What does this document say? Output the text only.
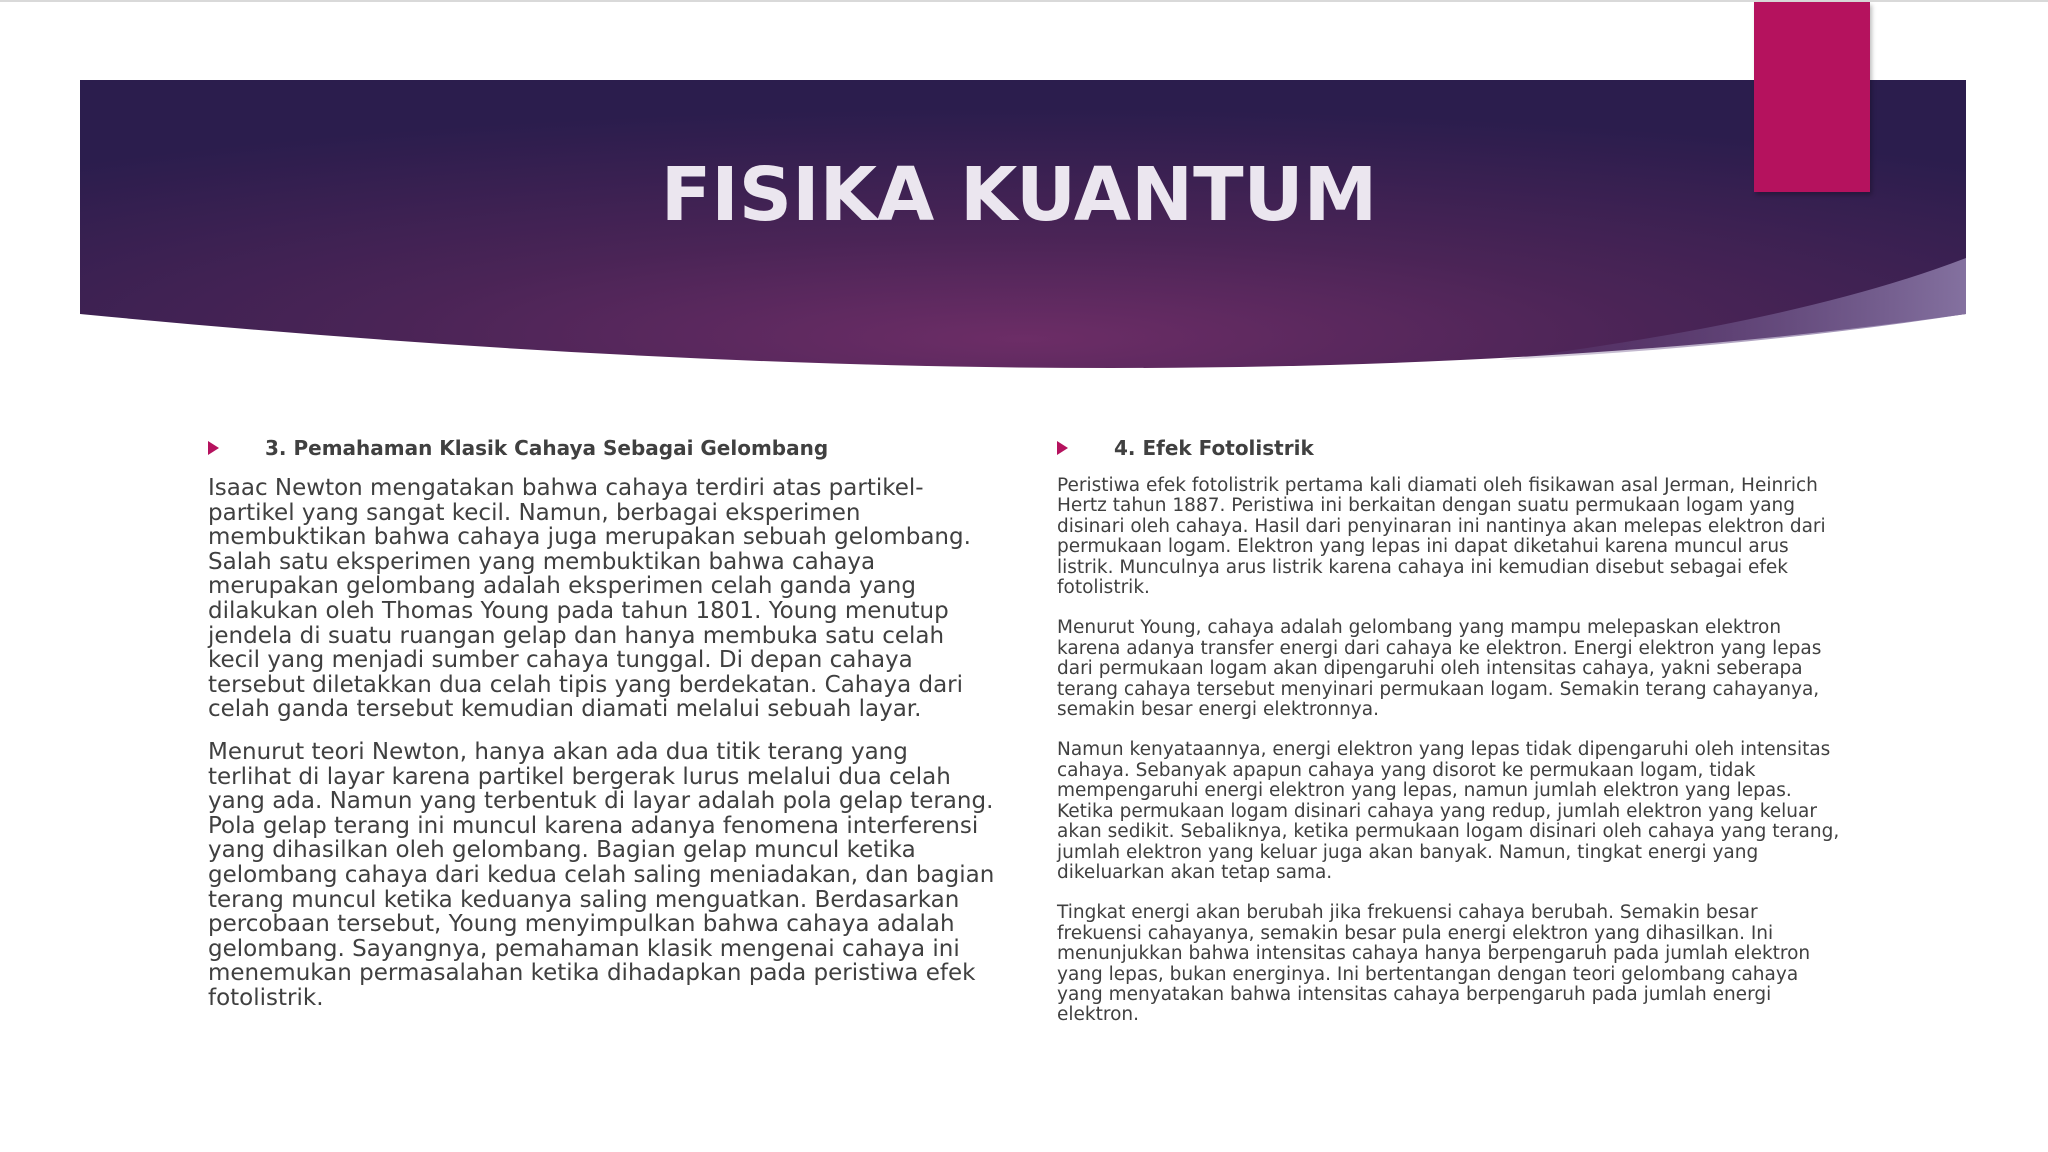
FISIKA KUANTUM
3. Pemahaman Klasik Cahaya Sebagai Gelombang

Isaac Newton mengatakan bahwa cahaya terdiri atas partikel-partikel yang sangat kecil. Namun, berbagai eksperimen membuktikan bahwa cahaya juga merupakan sebuah gelombang. Salah satu eksperimen yang membuktikan bahwa cahaya merupakan gelombang adalah eksperimen celah ganda yang dilakukan oleh Thomas Young pada tahun 1801. Young menutup jendela di suatu ruangan gelap dan hanya membuka satu celah kecil yang menjadi sumber cahaya tunggal. Di depan cahaya tersebut diletakkan dua celah tipis yang berdekatan. Cahaya dari celah ganda tersebut kemudian diamati melalui sebuah layar.

Menurut teori Newton, hanya akan ada dua titik terang yang terlihat di layar karena partikel bergerak lurus melalui dua celah yang ada. Namun yang terbentuk di layar adalah pola gelap terang. Pola gelap terang ini muncul karena adanya fenomena interferensi yang dihasilkan oleh gelombang. Bagian gelap muncul ketika gelombang cahaya dari kedua celah saling meniadakan, dan bagian terang muncul ketika keduanya saling menguatkan. Berdasarkan percobaan tersebut, Young menyimpulkan bahwa cahaya adalah gelombang. Sayangnya, pemahaman klasik mengenai cahaya ini menemukan permasalahan ketika dihadapkan pada peristiwa efek fotolistrik.

4. Efek Fotolistrik

Peristiwa efek fotolistrik pertama kali diamati oleh fisikawan asal Jerman, Heinrich Hertz tahun 1887. Peristiwa ini berkaitan dengan suatu permukaan logam yang disinari oleh cahaya. Hasil dari penyinaran ini nantinya akan melepas elektron dari permukaan logam. Elektron yang lepas ini dapat diketahui karena muncul arus listrik. Munculnya arus listrik karena cahaya ini kemudian disebut sebagai efek fotolistrik.

Menurut Young, cahaya adalah gelombang yang mampu melepaskan elektron karena adanya transfer energi dari cahaya ke elektron. Energi elektron yang lepas dari permukaan logam akan dipengaruhi oleh intensitas cahaya, yakni seberapa terang cahaya tersebut menyinari permukaan logam. Semakin terang cahayanya, semakin besar energi elektronnya.

Namun kenyataannya, energi elektron yang lepas tidak dipengaruhi oleh intensitas cahaya. Sebanyak apapun cahaya yang disorot ke permukaan logam, tidak mempengaruhi energi elektron yang lepas, namun jumlah elektron yang lepas. Ketika permukaan logam disinari cahaya yang redup, jumlah elektron yang keluar akan sedikit. Sebaliknya, ketika permukaan logam disinari oleh cahaya yang terang, jumlah elektron yang keluar juga akan banyak. Namun, tingkat energi yang dikeluarkan akan tetap sama.

Tingkat energi akan berubah jika frekuensi cahaya berubah. Semakin besar frekuensi cahayanya, semakin besar pula energi elektron yang dihasilkan. Ini menunjukkan bahwa intensitas cahaya hanya berpengaruh pada jumlah elektron yang lepas, bukan energinya. Ini bertentangan dengan teori gelombang cahaya yang menyatakan bahwa intensitas cahaya berpengaruh pada jumlah energi elektron.
